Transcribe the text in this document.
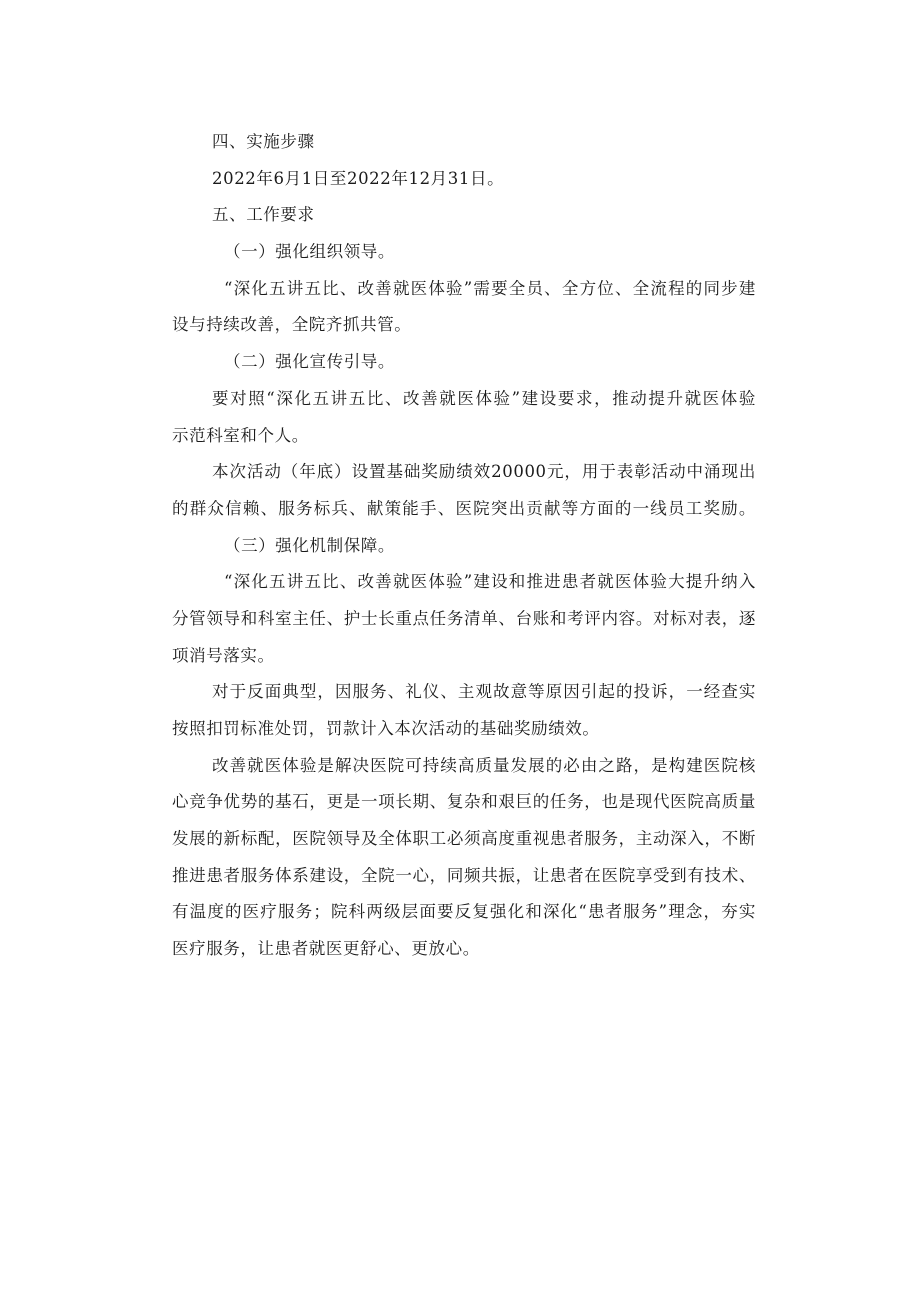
四、实施步骤
2022年6月1日至2022年12月31日。
五、工作要求
（一）强化组织领导。
“深化五讲五比、改善就医体验”需要全员、全方位、全流程的同步建
设与持续改善，全院齐抓共管。
（二）强化宣传引导。
要对照“深化五讲五比、改善就医体验”建设要求，推动提升就医体验
示范科室和个人。
本次活动（年底）设置基础奖励绩效20000元，用于表彰活动中涌现出
的群众信赖、服务标兵、献策能手、医院突出贡献等方面的一线员工奖励。
（三）强化机制保障。
“深化五讲五比、改善就医体验”建设和推进患者就医体验大提升纳入
分管领导和科室主任、护士长重点任务清单、台账和考评内容。对标对表，逐
项消号落实。
对于反面典型，因服务、礼仪、主观故意等原因引起的投诉，一经查实
按照扣罚标准处罚，罚款计入本次活动的基础奖励绩效。
改善就医体验是解决医院可持续高质量发展的必由之路，是构建医院核
心竞争优势的基石，更是一项长期、复杂和艰巨的任务，也是现代医院高质量
发展的新标配，医院领导及全体职工必须高度重视患者服务，主动深入，不断
推进患者服务体系建设，全院一心，同频共振，让患者在医院享受到有技术、
有温度的医疗服务；院科两级层面要反复强化和深化“患者服务”理念，夯实
医疗服务，让患者就医更舒心、更放心。
